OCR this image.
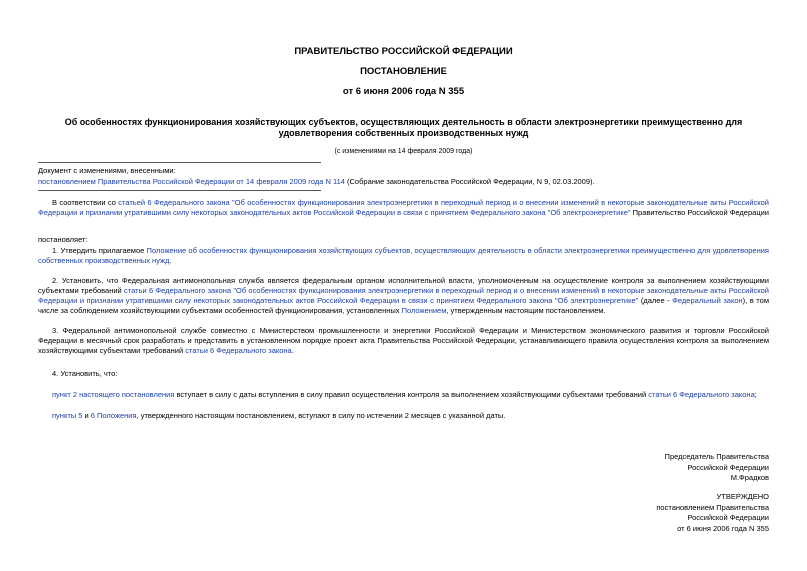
ПРАВИТЕЛЬСТВО РОССИЙСКОЙ ФЕДЕРАЦИИ
ПОСТАНОВЛЕНИЕ
от 6 июня 2006 года N 355
Об особенностях функционирования хозяйствующих субъектов, осуществляющих деятельность в области электроэнергетики преимущественно для
удовлетворения собственных производственных нужд
(с изменениями на 14 февраля 2009 года)
Документ с изменениями, внесенными:
постановлением Правительства Российской Федерации от 14 февраля 2009 года N 114 (Собрание законодательства Российской Федерации, N 9, 02.03.2009).
В соответствии со статьей 6 Федерального закона "Об особенностях функционирования электроэнергетики в переходный период и о внесении изменений в некоторые законодательные акты Российской Федерации и признании утратившими силу некоторых законодательных актов Российской Федерации в связи с принятием Федерального закона "Об электроэнергетике" Правительство Российской Федерации
постановляет:
1. Утвердить прилагаемое Положение об особенностях функционирования хозяйствующих субъектов, осуществляющих деятельность в области электроэнергетики преимущественно для удовлетворения собственных производственных нужд.
2. Установить, что Федеральная антимонопольная служба является федеральным органом исполнительной власти, уполномоченным на осуществление контроля за выполнением хозяйствующими субъектами требований статьи 6 Федерального закона "Об особенностях функционирования электроэнергетики в переходный период и о внесении изменений в некоторые законодательные акты Российской Федерации и признании утратившими силу некоторых законодательных актов Российской Федерации в связи с принятием Федерального закона "Об электроэнергетике" (далее - Федеральный закон), в том числе за соблюдением хозяйствующими субъектами особенностей функционирования, установленных Положением, утвержденным настоящим постановлением.
3. Федеральной антимонопольной службе совместно с Министерством промышленности и энергетики Российской Федерации и Министерством экономического развития и торговли Российской Федерации в месячный срок разработать и представить в установленном порядке проект акта Правительства Российской Федерации, устанавливающего правила осуществления контроля за выполнением хозяйствующими субъектами требований статьи 6 Федерального закона.
4. Установить, что:
пункт 2 настоящего постановления вступает в силу с даты вступления в силу правил осуществления контроля за выполнением хозяйствующими субъектами требований статьи 6 Федерального закона;
пункты 5 и 6 Положения, утвержденного настоящим постановлением, вступают в силу по истечении 2 месяцев с указанной даты.
Председатель Правительства
Российской Федерации
М.Фрадков
УТВЕРЖДЕНО
постановлением Правительства
Российской Федерации
от 6 июня 2006 года N 355
